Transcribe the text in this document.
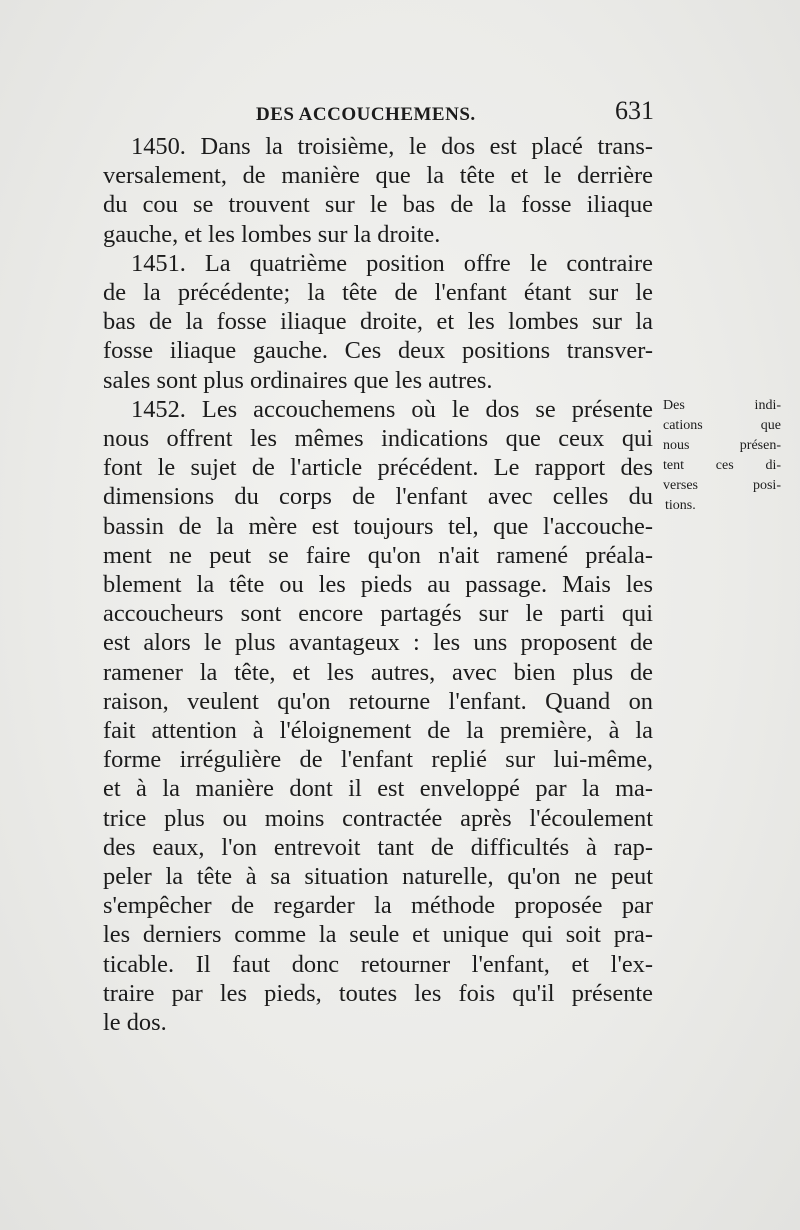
DES ACCOUCHEMENS.	631
1450. Dans la troisième, le dos est placé trans-
versalement, de manière que la tête et le derrière
du cou se trouvent sur le bas de la fosse iliaque
gauche, et les lombes sur la droite.
1451. La quatrième position offre le contraire
de la précédente; la tête de l'enfant étant sur le
bas de la fosse iliaque droite, et les lombes sur la
fosse iliaque gauche. Ces deux positions transver-
sales sont plus ordinaires que les autres.
1452. Les accouchemens où le dos se présente
nous offrent les mêmes indications que ceux qui
font le sujet de l'article précédent. Le rapport des
dimensions du corps de l'enfant avec celles du
bassin de la mère est toujours tel, que l'accouche-
ment ne peut se faire qu'on n'ait ramené préala-
blement la tête ou les pieds au passage. Mais les
accoucheurs sont encore partagés sur le parti qui
est alors le plus avantageux : les uns proposent de
ramener la tête, et les autres, avec bien plus de
raison, veulent qu'on retourne l'enfant. Quand on
fait attention à l'éloignement de la première, à la
forme irrégulière de l'enfant replié sur lui-même,
et à la manière dont il est enveloppé par la ma-
trice plus ou moins contractée après l'écoulement
des eaux, l'on entrevoit tant de difficultés à rap-
peler la tête à sa situation naturelle, qu'on ne peut
s'empêcher de regarder la méthode proposée par
les derniers comme la seule et unique qui soit pra-
ticable. Il faut donc retourner l'enfant, et l'ex-
traire par les pieds, toutes les fois qu'il présente
le dos.
Des indi-
cations que
nous présen-
tent ces di-
verses posi-
tions.
